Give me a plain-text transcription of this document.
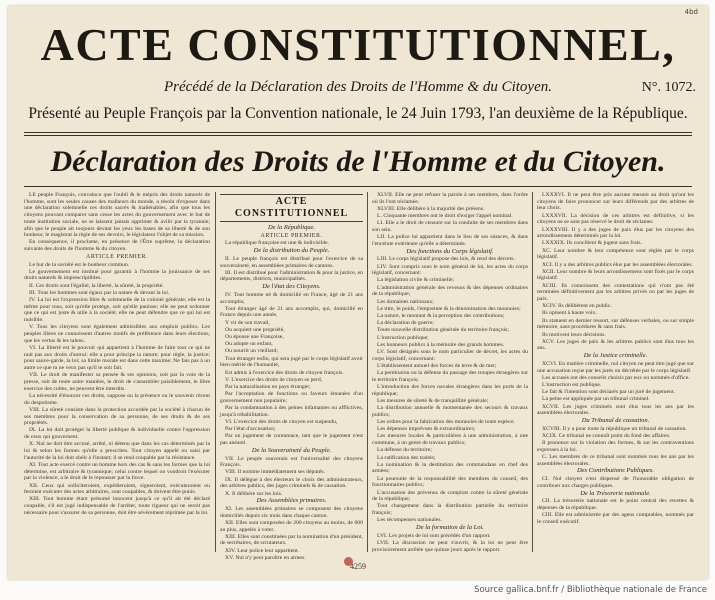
4bd
ACTE CONSTITUTIONNEL,
Précédé de la Déclaration des Droits de l'Homme & du Citoyen.	N°. 1072.
Présenté au Peuple François par la Convention nationale, le 24 Juin 1793, l'an deuxième de la République.
Déclaration des Droits de l'Homme et du Citoyen.

LE peuple François, convaincu que l'oubli & le mépris des droits naturels de l'homme, sont les seules causes des malheurs du monde, a résolu d'exposer dans une déclaration solemnelle ces droits sacrés & inaliénables, afin que tous les citoyens pouvant comparer sans cesse les actes du gouvernement avec le but de toute institution sociale, ne se laissent jamais opprimer & avilir par la tyrannie; afin que le peuple ait toujours devant les yeux les bases de sa liberté & de son bonheur, le magistrat la règle de ses devoirs, le législateur l'objet de sa mission.

En conséquence, il proclame, en présence de l'Être suprême, la déclaration suivante des droits de l'homme & du citoyen.

ARTICLE PREMIER.

Le but de la société est le bonheur commun.

Le gouvernement est institué pour garantir à l'homme la jouissance de ses droits naturels & imprescriptibles.

II. Ces droits sont l'égalité, la liberté, la sûreté, la propriété.

III. Tous les hommes sont égaux par la nature & devant la loi.

IV. La loi est l'expression libre & solemnelle de la volonté générale; elle est la même pour tous, soit qu'elle protège, soit qu'elle punisse; elle ne peut ordonner que ce qui est juste & utile à la société; elle ne peut défendre que ce qui lui est nuisible.

V. Tous les citoyens sont également admissibles aux emplois publics. Les peuples libres ne connoissent d'autres motifs de préférence dans leurs élections, que les vertus & les talens.

VI. La liberté est le pouvoir qui appartient à l'homme de faire tout ce qui ne nuit pas aux droits d'autrui: elle a pour principe la nature; pour règle, la justice; pour sauve-garde, la loi; sa limite morale est dans cette maxime: Ne fais pas à un autre ce que tu ne veux pas qu'il te soit fait.

VII. Le droit de manifester sa pensée & ses opinions, soit par la voie de la presse, soit de toute autre manière, le droit de s'assembler paisiblement, le libre exercice des cultes, ne peuvent être interdits.

La nécessité d'énoncer ces droits, suppose ou la présence ou le souvenir récent du despotisme.

VIII. La sûreté consiste dans la protection accordée par la société à chacun de ses membres pour la conservation de sa personne, de ses droits & de ses propriétés.

IX. La loi doit protéger la liberté publique & individuelle contre l'oppression de ceux qui gouvernent.

X. Nul ne doit être accusé, arrêté, ni détenu que dans les cas déterminés par la loi & selon les formes qu'elle a prescrites. Tout citoyen appelé ou saisi par l'autorité de la loi doit obéir à l'instant; il se rend coupable par la résistance.

XI. Tout acte exercé contre un homme hors des cas & sans les formes que la loi détermine, est arbitraire & tyrannique; celui contre lequel on voudroit l'exécuter par la violence, a le droit de le repousser par la force.

XII. Ceux qui solliciteroient, expédieroient, signeroient, exécuteroient ou feroient exécuter des actes arbitraires, sont coupables, & doivent être punis.

XIII. Tout homme étant présumé innocent jusqu'à ce qu'il ait été déclaré coupable, s'il est jugé indispensable de l'arrêter, toute rigueur qui ne seroit pas nécessaire pour s'assurer de sa personne, doit être sévèrement réprimée par la loi.

ACTE CONSTITUTIONNEL

De la République.

ARTICLE PREMIER.

La république françoise est une & indivisible.

De la distribution du Peuple.

II. Le peuple françois est distribué pour l'exercice de sa souveraineté, en assemblées primaires de cantons.

III. Il est distribué pour l'administration & pour la justice, en départements, districts, municipalités.

De l'état des Citoyens.

IV. Tout homme né & domicilié en France, âgé de 21 ans accomplis;

Tout étranger âgé de 21 ans accomplis, qui, domicilié en France depuis une année,

Y vit de son travail,

Ou acquiert une propriété,

Ou épouse une Françoise,

Ou adopte un enfant,

Ou nourrit un vieillard;

Tout étranger enfin, qui sera jugé par le corps législatif avoir bien mérité de l'humanité,

Est admis à l'exercice des droits de citoyen françois.

V. L'exercice des droits de citoyen se perd,

Par la naturalisation en pays étranger;

Par l'acceptation de fonctions ou faveurs émanées d'un gouvernement non populaire;

Par la condamnation à des peines infamantes ou afflictives, jusqu'à réhabilitation.

VI. L'exercice des droits de citoyen est suspendu,

Par l'état d'accusation;

Par un jugement de contumace, tant que le jugement n'est pas anéanti.

De la Souveraineté du Peuple.

VII. Le peuple souverain est l'universalité des citoyens François.

VIII. Il nomme immédiatement ses députés.

IX. Il délègue à des électeurs le choix des administrateurs, des arbitres publics, des juges criminels & de cassation.

X. Il délibère sur les lois.

Des Assemblées primaires.

XI. Les assemblées primaires se composent des citoyens domiciliés depuis six mois dans chaque canton.

XII. Elles sont composées de 200 citoyens au moins, de 600 au plus, appelés à voter.

XIII. Elles sont constituées par la nomination d'un président, de secrétaires, de scrutateurs.

XIV. Leur police leur appartient.

XV. Nul n'y peut paroître en armes.

XLVII. Elle ne peut refuser la parole à ses membres, dans l'ordre où ils l'ont réclamée.

XLVIII. Elle délibère à la majorité des présens.

L. Cinquante membres ont le droit d'exiger l'appel nominal.

LI. Elle a le droit de censure sur la conduite de ses membres dans son sein.

LII. La police lui appartient dans le lieu de ses séances, & dans l'enceinte extérieure qu'elle a déterminée.

Des fonctions du Corps législatif.

LIII. Le corps législatif propose des lois, & rend des décrets.

LIV. Sont compris sous le nom général de loi, les actes du corps législatif, concernant:

La législation civile & criminelle;

L'administration générale des revenus & des dépenses ordinaires de la république;

Les domaines nationaux;

Le titre, le poids, l'empreinte & la dénomination des monnoies;

La nature, le montant & la perception des contributions;

La déclaration de guerre;

Toute nouvelle distribution générale du territoire françois;

L'instruction publique;

Les honneurs publics à la mémoire des grands hommes.

LV. Sont désignés sous le nom particulier de décret, les actes du corps législatif, concernant:

L'établissement annuel des forces de terre & de mer;

La permission ou la défense du passage des troupes étrangères sur le territoire françois;

L'introduction des forces navales étrangères dans les ports de la république;

Les mesures de sûreté & de tranquillité générale;

La distribution annuelle & momentanée des secours & travaux publics;

Les ordres pour la fabrication des monnoies de toute espèce;

Les dépenses imprévues & extraordinaires;

Les mesures locales & particulières à une administration, à une commune, à un genre de travaux publics;

La défense du territoire;

La ratification des traités;

La nomination & la destitution des commandans en chef des armées;

La poursuite de la responsabilité des membres du conseil, des fonctionnaires publics;

L'accusation des prévenus de complots contre la sûreté générale de la république;

Tout changement dans la distribution partielle du territoire françois;

Les récompenses nationales.

De la formation de la Loi.

LVI. Les projets de loi sont précédés d'un rapport.

LVII. La discussion ne peut s'ouvrir, & la loi ne peut être provisoirement arrêtée que quinze jours après le rapport.

LXXXVI. Il ne peut être pris aucune mesure au droit qu'ont les citoyens de faire prononcer sur leurs différends par des arbitres de leur choix.

LXXXVII. La décision de ces arbitres est définitive, si les citoyens ne se sont pas réservé le droit de réclamer.

LXXXVIII. Il y a des juges de paix élus par les citoyens des arrondissemens déterminés par la loi.

LXXXIX. Ils concilient & jugent sans frais.

XC. Leur nombre & leur compétence sont réglés par le corps législatif.

XCI. Il y a des arbitres publics élus par les assemblées électorales.

XCII. Leur nombre & leurs arrondissemens sont fixés par le corps législatif.

XCIII. Ils connoissent des contestations qui n'ont pas été terminées définitivement par les arbitres privés ou par les juges de paix.

XCIV. Ils délibèrent en public.

Ils opinent à haute voix.

Ils statuent en dernier ressort, sur défenses verbales, ou sur simple mémoire, sans procédures & sans frais.

Ils motivent leurs décisions.

XCV. Les juges de paix & les arbitres publics sont élus tous les ans.

De la Justice criminelle.

XCVI. En matière criminelle, nul citoyen ne peut être jugé que sur une accusation reçue par les jurés ou décrétée par le corps législatif.

Les accusés ont des conseils choisis par eux ou nommés d'office.

L'instruction est publique.

Le fait & l'intention sont déclarés par un juré de jugement.

La peine est appliquée par un tribunal criminel.

XCVII. Les juges criminels sont élus tous les ans par les assemblées électorales.

Du Tribunal de cassation.

XCVIII. Il y a pour toute la république un tribunal de cassation.

XCIX. Ce tribunal ne connoît point du fond des affaires.

Il prononce sur la violation des formes, & sur les contraventions expresses à la loi.

C. Les membres de ce tribunal sont nommés tous les ans par les assemblées électorales.

Des Contributions Publiques.

CI. Nul citoyen n'est dispensé de l'honorable obligation de contribuer aux charges publiques.

De la Trésorerie nationale.

CII. La trésorerie nationale est le point central des recettes & dépenses de la république.

CIII. Elle est administrée par des agens comptables, nommés par le conseil exécutif.

4259
Source gallica.bnf.fr / Bibliothèque nationale de France
